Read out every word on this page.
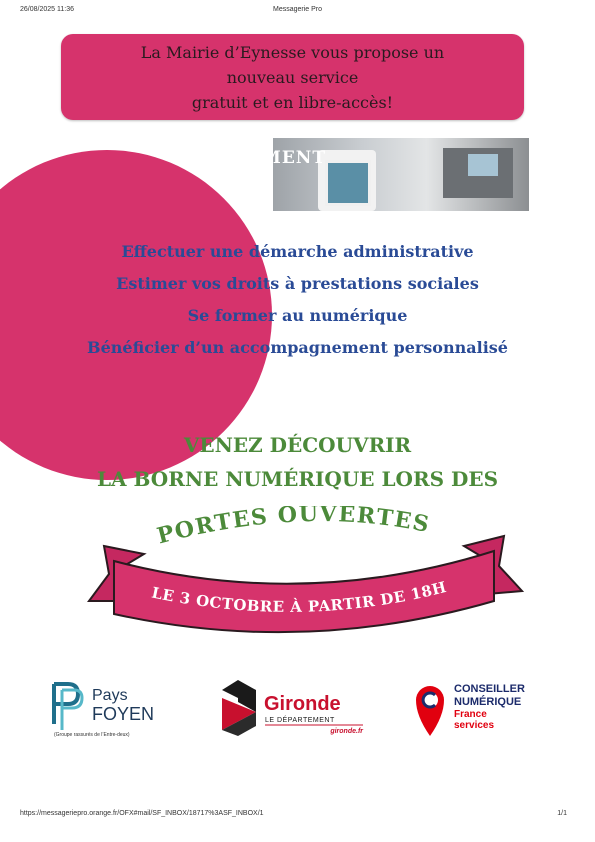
26/08/2025 11:36	Messagerie Pro
La Mairie d’Eynesse vous propose un
nouveau service
gratuit et en libre-accès!
MENT
Effectuer une démarche administrative
Estimer vos droits à prestations sociales
Se former au numérique
Bénéficier d’un accompagnement personnalisé
VENEZ DÉCOUVRIR
LA BORNE NUMÉRIQUE LORS DES
PORTES OUVERTES
LE 3 OCTOBRE À PARTIR DE 18H
Pays
FOYEN
(Groupe rassurés de l’Entre-deux)
Gironde
LE DÉPARTEMENT
gironde.fr
CONSEILLER
NUMÉRIQUE
France
services
https://messageriepro.orange.fr/OFX#mail/SF_INBOX/18717%3ASF_INBOX/1	1/1
